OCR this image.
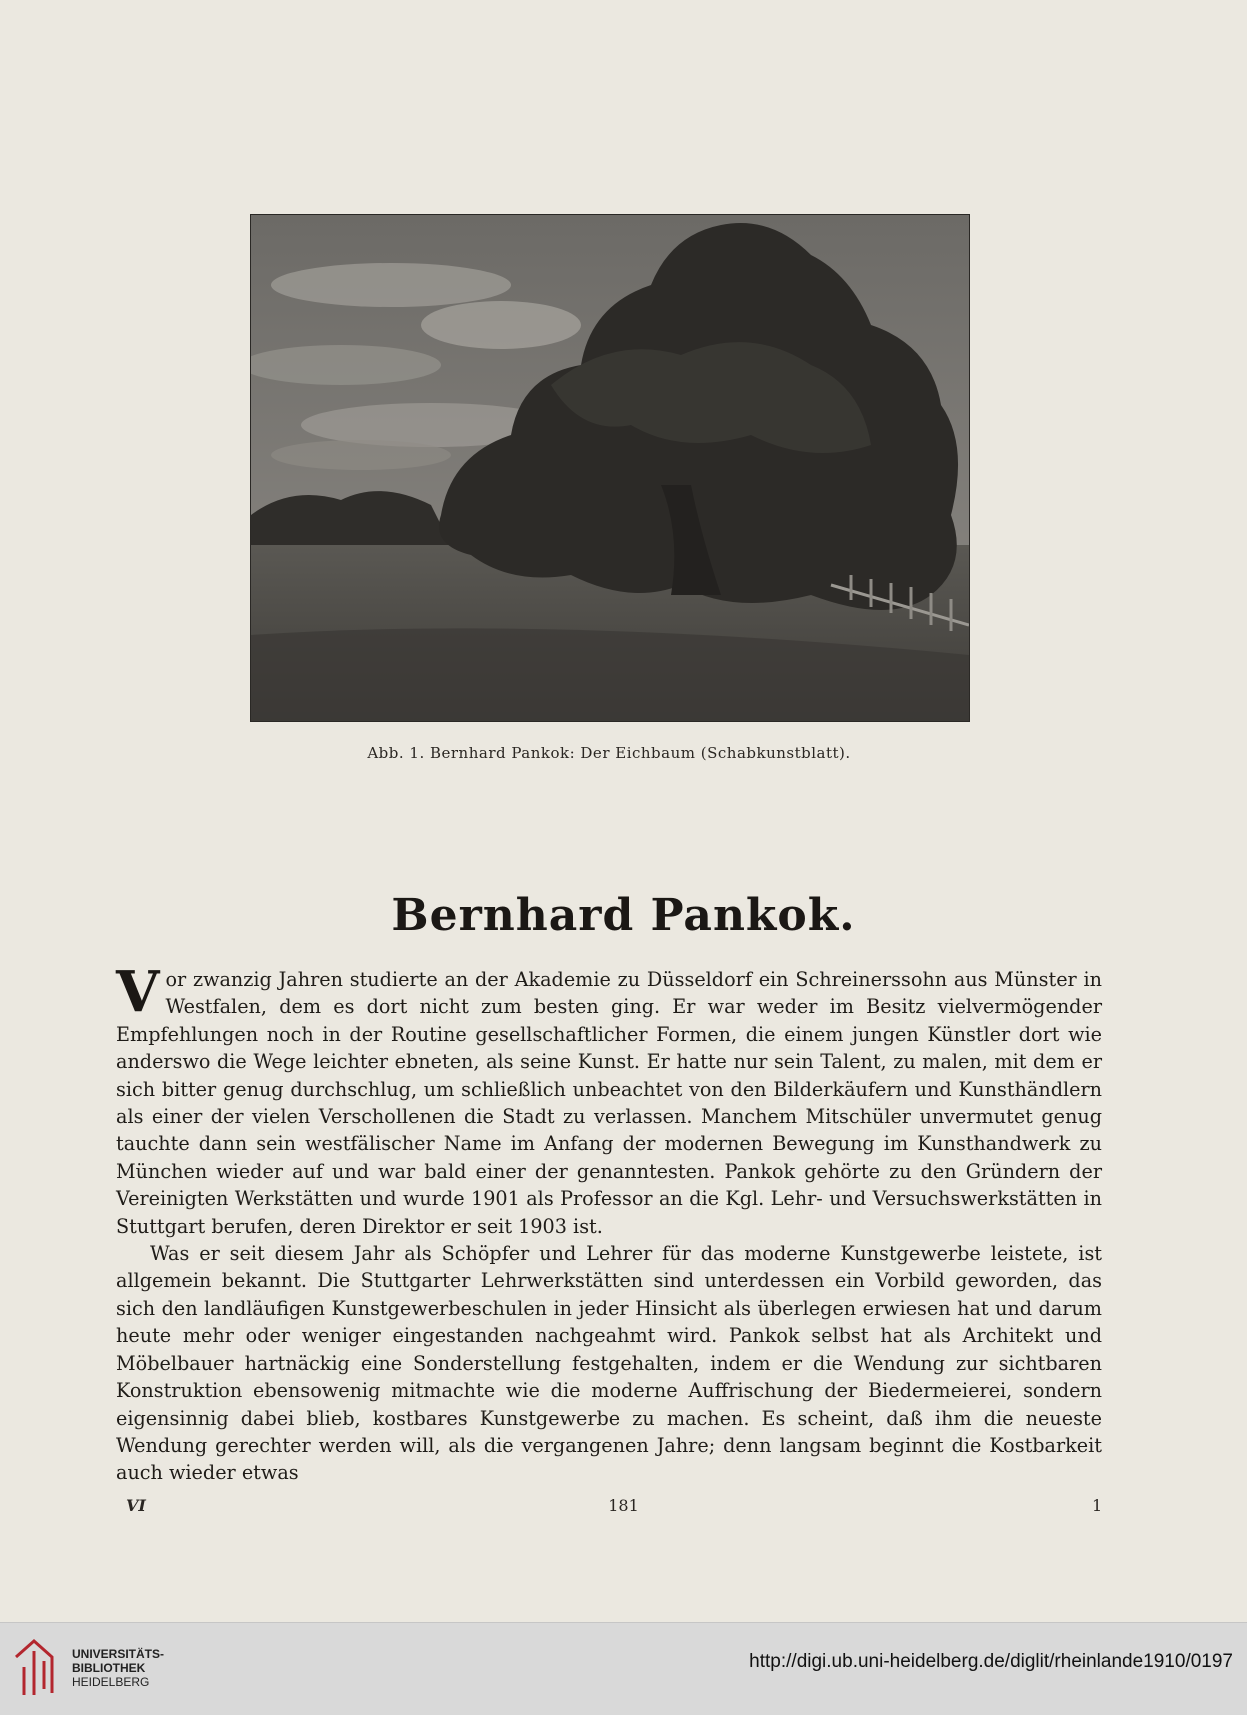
Abb. 1. Bernhard Pankok: Der Eichbaum (Schabkunstblatt).
Bernhard Pankok.

Vor zwanzig Jahren studierte an der Akademie zu Düsseldorf ein Schreinerssohn aus Münster in Westfalen, dem es dort nicht zum besten ging. Er war weder im Besitz vielvermögender Empfehlungen noch in der Routine gesellschaftlicher Formen, die einem jungen Künstler dort wie anderswo die Wege leichter ebneten, als seine Kunst. Er hatte nur sein Talent, zu malen, mit dem er sich bitter genug durchschlug, um schließlich unbeachtet von den Bilderkäufern und Kunsthändlern als einer der vielen Verschollenen die Stadt zu verlassen. Manchem Mitschüler unvermutet genug tauchte dann sein westfälischer Name im Anfang der modernen Bewegung im Kunsthandwerk zu München wieder auf und war bald einer der genanntesten. Pankok gehörte zu den Gründern der Vereinigten Werkstätten und wurde 1901 als Professor an die Kgl. Lehr- und Versuchswerkstätten in Stuttgart berufen, deren Direktor er seit 1903 ist.

Was er seit diesem Jahr als Schöpfer und Lehrer für das moderne Kunstgewerbe leistete, ist allgemein bekannt. Die Stuttgarter Lehrwerkstätten sind unterdessen ein Vorbild geworden, das sich den landläufigen Kunstgewerbeschulen in jeder Hinsicht als überlegen erwiesen hat und darum heute mehr oder weniger eingestanden nachgeahmt wird. Pankok selbst hat als Architekt und Möbelbauer hartnäckig eine Sonderstellung festgehalten, indem er die Wendung zur sichtbaren Konstruktion ebensowenig mitmachte wie die moderne Auffrischung der Biedermeierei, sondern eigensinnig dabei blieb, kostbares Kunstgewerbe zu machen. Es scheint, daß ihm die neueste Wendung gerechter werden will, als die vergangenen Jahre; denn langsam beginnt die Kostbarkeit auch wieder etwas

VI	181	1
UNIVERSITÄTS-
BIBLIOTHEK
HEIDELBERG
http://digi.ub.uni-heidelberg.de/diglit/rheinlande1910/0197
